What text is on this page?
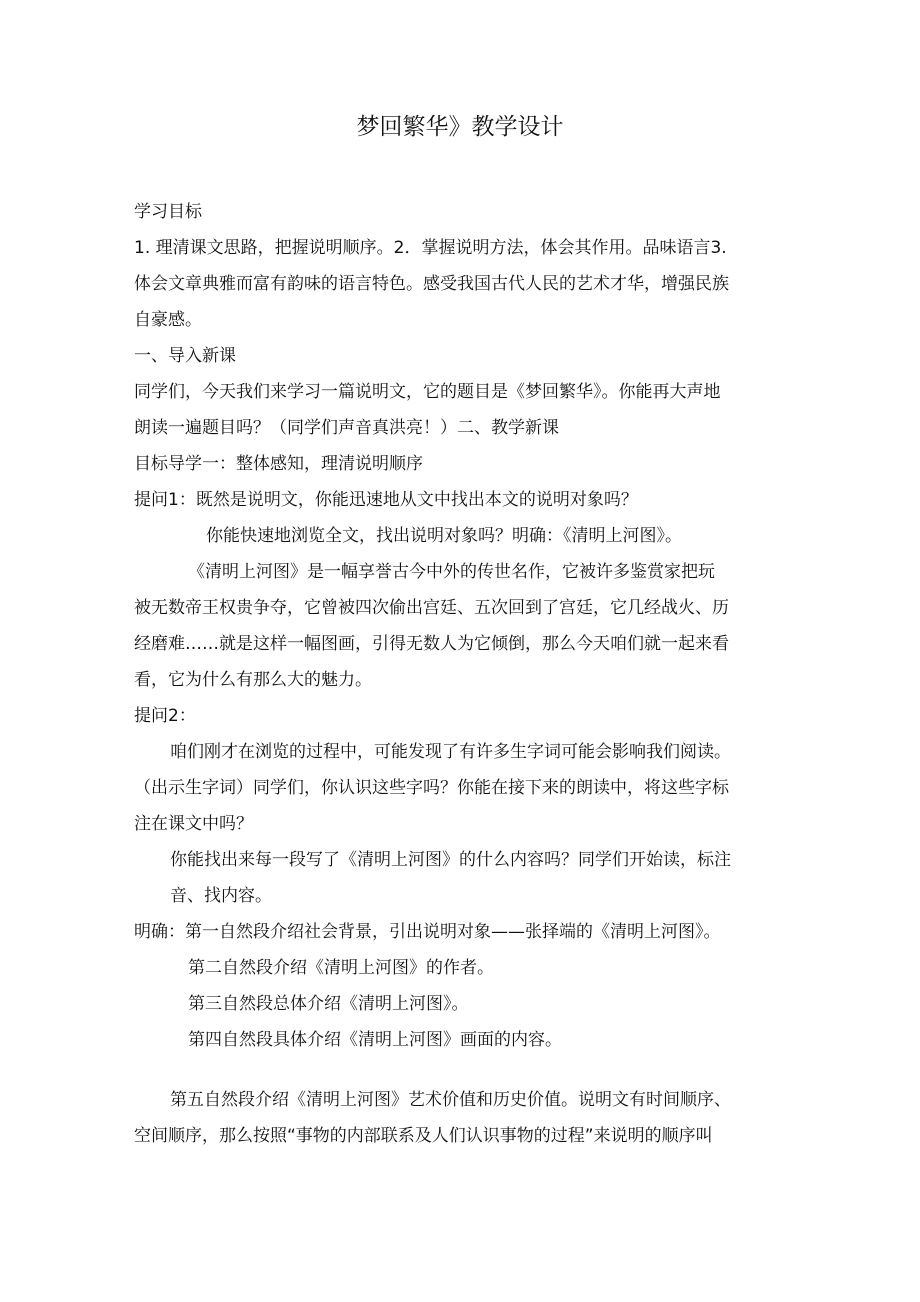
梦回繁华》教学设计
学习目标
1. 理清课文思路，把握说明顺序。2．掌握说明方法，体会其作用。品味语言3.
体会文章典雅而富有韵味的语言特色。感受我国古代人民的艺术才华，增强民族
自豪感。
一、导入新课
同学们，今天我们来学习一篇说明文，它的题目是《梦回繁华》。你能再大声地
朗读一遍题目吗？（同学们声音真洪亮！）二、教学新课
目标导学一：整体感知，理清说明顺序
提问1：既然是说明文，你能迅速地从文中找出本文的说明对象吗？
你能快速地浏览全文，找出说明对象吗？明确：《清明上河图》。
《清明上河图》是一幅享誉古今中外的传世名作，它被许多鉴赏家把玩
被无数帝王权贵争夺，它曾被四次偷出宫廷、五次回到了宫廷，它几经战火、历
经磨难……就是这样一幅图画，引得无数人为它倾倒，那么今天咱们就一起来看
看，它为什么有那么大的魅力。
提问2：
咱们刚才在浏览的过程中，可能发现了有许多生字词可能会影响我们阅读。
（出示生字词）同学们，你认识这些字吗？你能在接下来的朗读中，将这些字标
注在课文中吗？
你能找出来每一段写了《清明上河图》的什么内容吗？同学们开始读，标注
音、找内容。
明确：第一自然段介绍社会背景，引出说明对象——张择端的《清明上河图》。
第二自然段介绍《清明上河图》的作者。
第三自然段总体介绍《清明上河图》。
第四自然段具体介绍《清明上河图》画面的内容。
第五自然段介绍《清明上河图》艺术价值和历史价值。说明文有时间顺序、
空间顺序，那么按照“事物的内部联系及人们认识事物的过程”来说明的顺序叫
